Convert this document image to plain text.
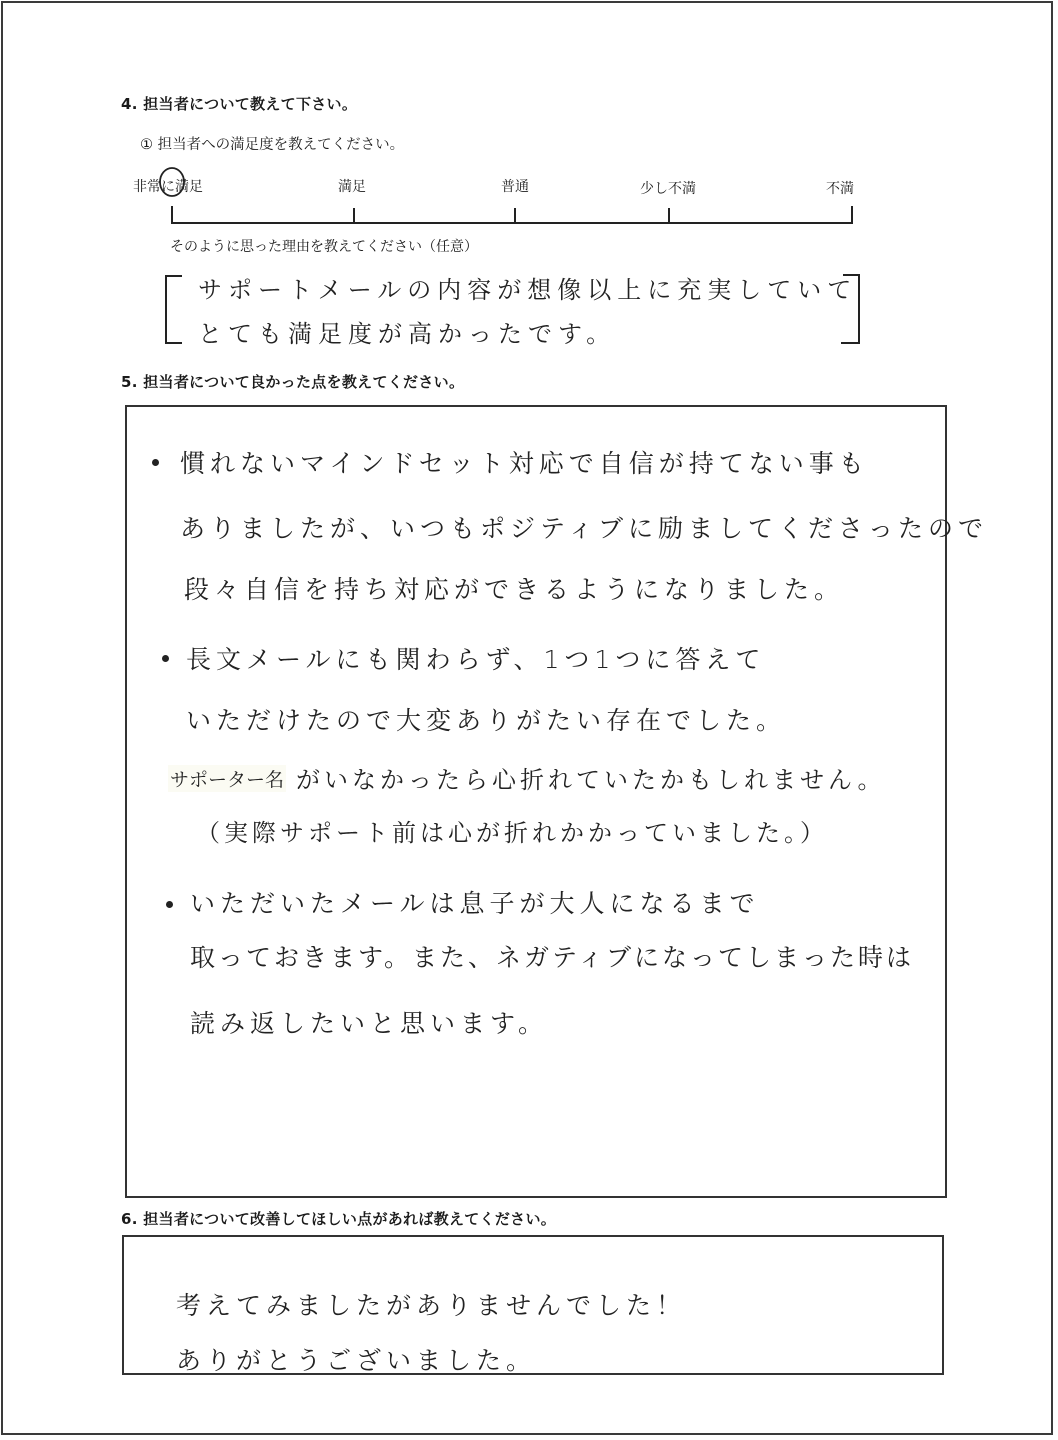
4. 担当者について教えて下さい。
① 担当者への満足度を教えてください。
非常に満足	満足	普通	少し不満	不満
そのように思った理由を教えてください（任意）
サポートメールの内容が想像以上に充実していて
とても満足度が高かったです。
5. 担当者について良かった点を教えてください。
慣れないマインドセット対応で自信が持てない事も
ありましたが、いつもポジティブに励ましてくださったので
段々自信を持ち対応ができるようになりました。
長文メールにも関わらず、1つ1つに答えて
いただけたので大変ありがたい存在でした。
サポーター名 がいなかったら心折れていたかもしれません。
（実際サポート前は心が折れかかっていました。）
いただいたメールは息子が大人になるまで
取っておきます。また、ネガティブになってしまった時は
読み返したいと思います。
6. 担当者について改善してほしい点があれば教えてください。
考えてみましたがありませんでした！
ありがとうございました。
